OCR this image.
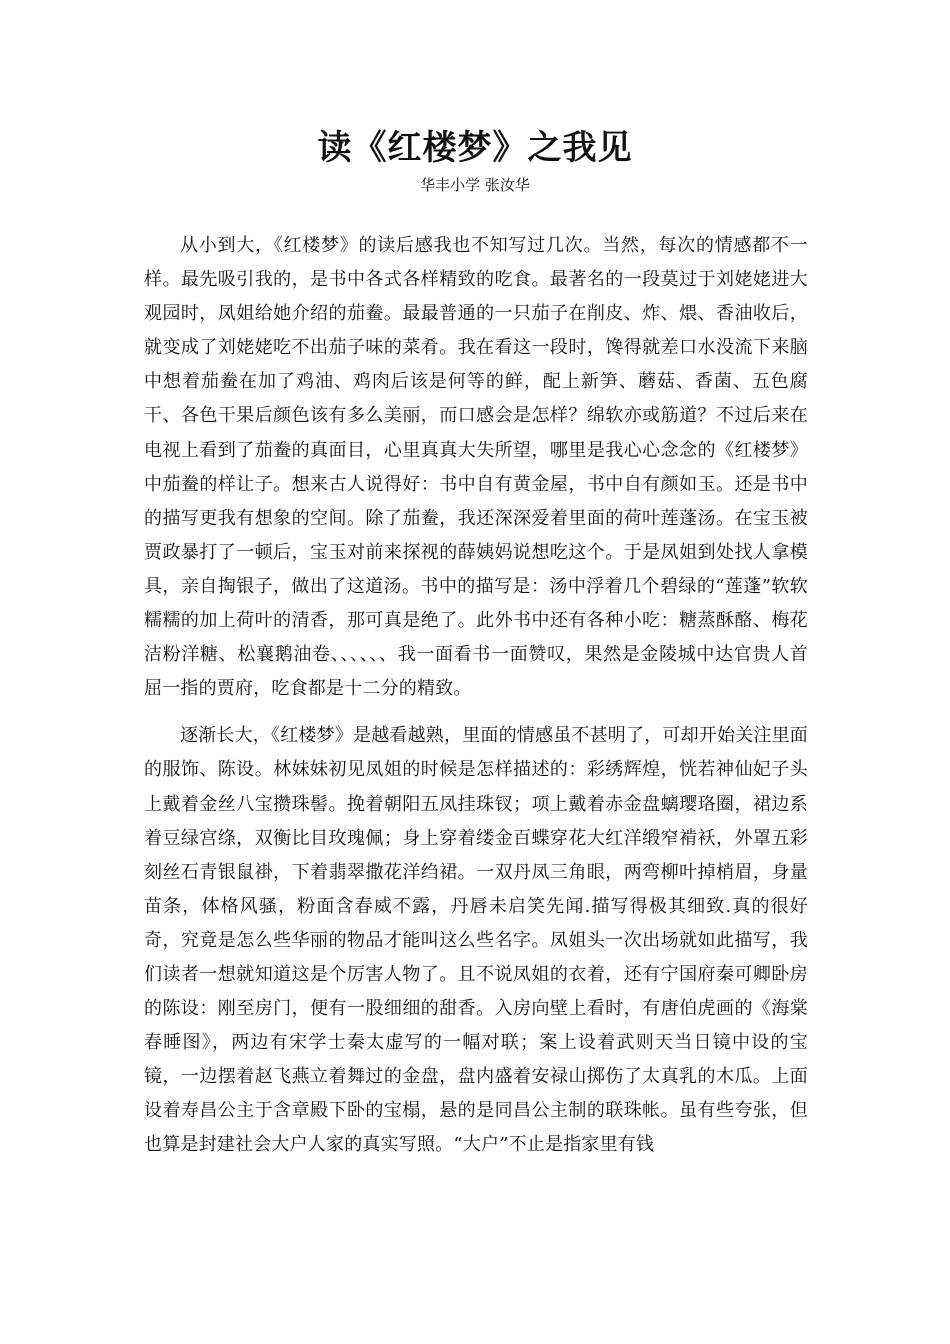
读《红楼梦》之我见

华丰小学 张汝华

从小到大，《红楼梦》的读后感我也不知写过几次。当然，每次的情感都不一样。最先吸引我的，是书中各式各样精致的吃食。最著名的一段莫过于刘姥姥进大观园时，凤姐给她介绍的茄鲞。最最普通的一只茄子在削皮、炸、煨、香油收后，就变成了刘姥姥吃不出茄子味的菜肴。我在看这一段时，馋得就差口水没流下来脑中想着茄鲞在加了鸡油、鸡肉后该是何等的鲜，配上新笋、蘑菇、香菌、五色腐干、各色干果后颜色该有多么美丽，而口感会是怎样？绵软亦或筋道？不过后来在电视上看到了茄鲞的真面目，心里真真大失所望，哪里是我心心念念的《红楼梦》中茄鲞的样让子。想来古人说得好：书中自有黄金屋，书中自有颜如玉。还是书中的描写更我有想象的空间。除了茄鲞，我还深深爱着里面的荷叶莲蓬汤。在宝玉被贾政暴打了一顿后，宝玉对前来探视的薛姨妈说想吃这个。于是凤姐到处找人拿模具，亲自掏银子，做出了这道汤。书中的描写是：汤中浮着几个碧绿的“莲蓬”软软糯糯的加上荷叶的清香，那可真是绝了。此外书中还有各种小吃：糖蒸酥酪、梅花洁粉洋糖、松襄鹅油卷、、、、、、我一面看书一面赞叹，果然是金陵城中达官贵人首屈一指的贾府，吃食都是十二分的精致。

逐渐长大，《红楼梦》是越看越熟，里面的情感虽不甚明了，可却开始关注里面的服饰、陈设。林妹妹初见凤姐的时候是怎样描述的：彩绣辉煌，恍若神仙妃子头上戴着金丝八宝攒珠髻。挽着朝阳五凤挂珠钗；项上戴着赤金盘螭璎珞圈，裙边系着豆绿宫绦，双衡比目玫瑰佩；身上穿着缕金百蝶穿花大红洋缎窄褃袄，外罩五彩刻丝石青银鼠褂，下着翡翠撒花洋绉裙。一双丹凤三角眼，两弯柳叶掉梢眉，身量苗条，体格风骚，粉面含春威不露，丹唇未启笑先闻.描写得极其细致.真的很好奇，究竟是怎么些华丽的物品才能叫这么些名字。凤姐头一次出场就如此描写，我们读者一想就知道这是个厉害人物了。且不说凤姐的衣着，还有宁国府秦可卿卧房的陈设：刚至房门，便有一股细细的甜香。入房向壁上看时，有唐伯虎画的《海棠春睡图》，两边有宋学士秦太虚写的一幅对联；案上设着武则天当日镜中设的宝镜，一边摆着赵飞燕立着舞过的金盘，盘内盛着安禄山掷伤了太真乳的木瓜。上面设着寿昌公主于含章殿下卧的宝榻，悬的是同昌公主制的联珠帐。虽有些夸张，但也算是封建社会大户人家的真实写照。“大户”不止是指家里有钱
